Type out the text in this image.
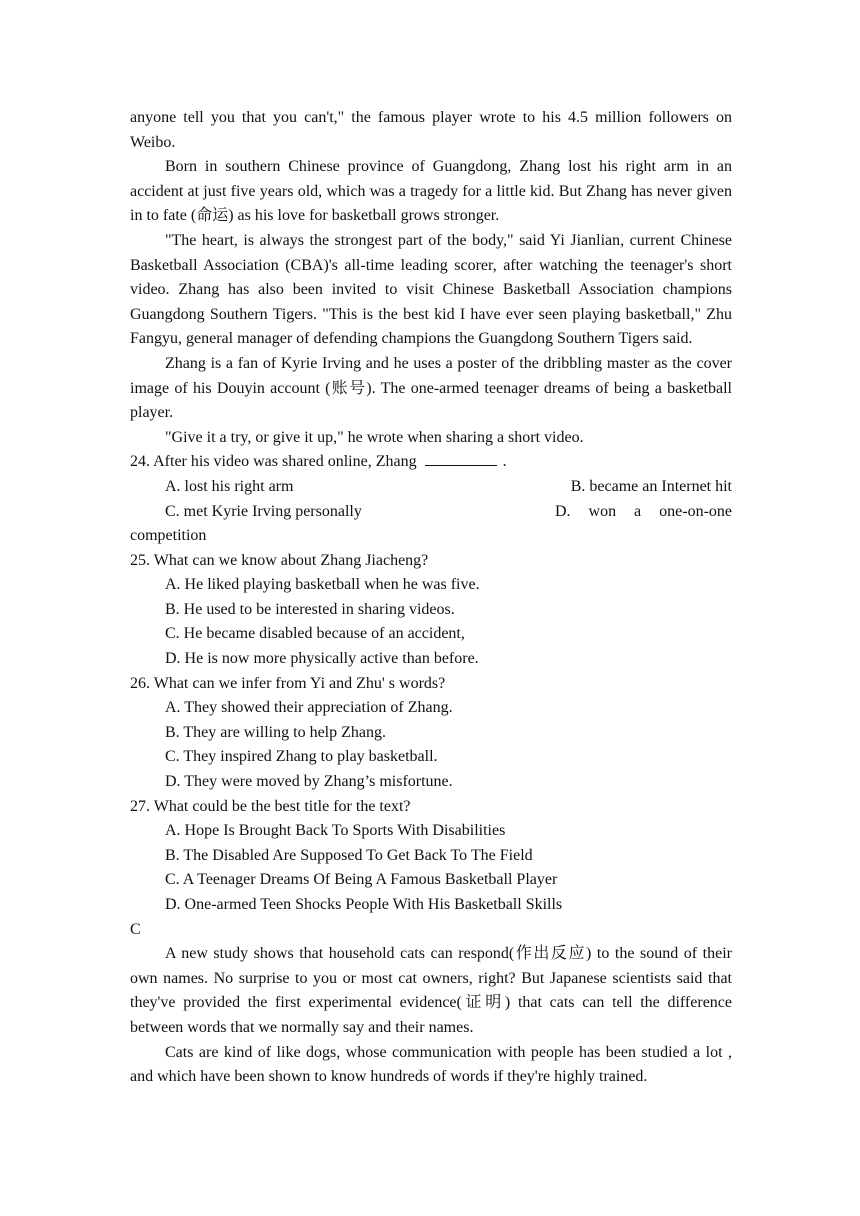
anyone tell you that you can't," the famous player wrote to his 4.5 million followers on Weibo.

Born in southern Chinese province of Guangdong, Zhang lost his right arm in an accident at just five years old, which was a tragedy for a little kid. But Zhang has never given in to fate (命运) as his love for basketball grows stronger.

"The heart, is always the strongest part of the body," said Yi Jianlian, current Chinese Basketball Association (CBA)'s all-time leading scorer, after watching the teenager's short video. Zhang has also been invited to visit Chinese Basketball Association champions Guangdong Southern Tigers. "This is the best kid I have ever seen playing basketball," Zhu Fangyu, general manager of defending champions the Guangdong Southern Tigers said.

Zhang is a fan of Kyrie Irving and he uses a poster of the dribbling master as the cover image of his Douyin account (账号). The one-armed teenager dreams of being a basketball player.

"Give it a try, or give it up," he wrote when sharing a short video.

24. After his video was shared online, Zhang	.
A. lost his right arm	B. became an Internet hit
C. met Kyrie Irving personally	D. won a one-on-one

competition

25. What can we know about Zhang Jiacheng?

A. He liked playing basketball when he was five.

B. He used to be interested in sharing videos.

C. He became disabled because of an accident,

D. He is now more physically active than before.

26. What can we infer from Yi and Zhu' s words?

A. They showed their appreciation of Zhang.

B. They are willing to help Zhang.

C. They inspired Zhang to play basketball.

D. They were moved by Zhang’s misfortune.

27. What could be the best title for the text?

A. Hope Is Brought Back To Sports With Disabilities

B. The Disabled Are Supposed To Get Back To The Field

C. A Teenager Dreams Of Being A Famous Basketball Player

D. One-armed Teen Shocks People With His Basketball Skills

C

A new study shows that household cats can respond(作出反应) to the sound of their own names. No surprise to you or most cat owners, right? But Japanese scientists said that they've provided the first experimental evidence(证明) that cats can tell the difference between words that we normally say and their names.

Cats are kind of like dogs, whose communication with people has been studied a lot , and which have been shown to know hundreds of words if they're highly trained.
